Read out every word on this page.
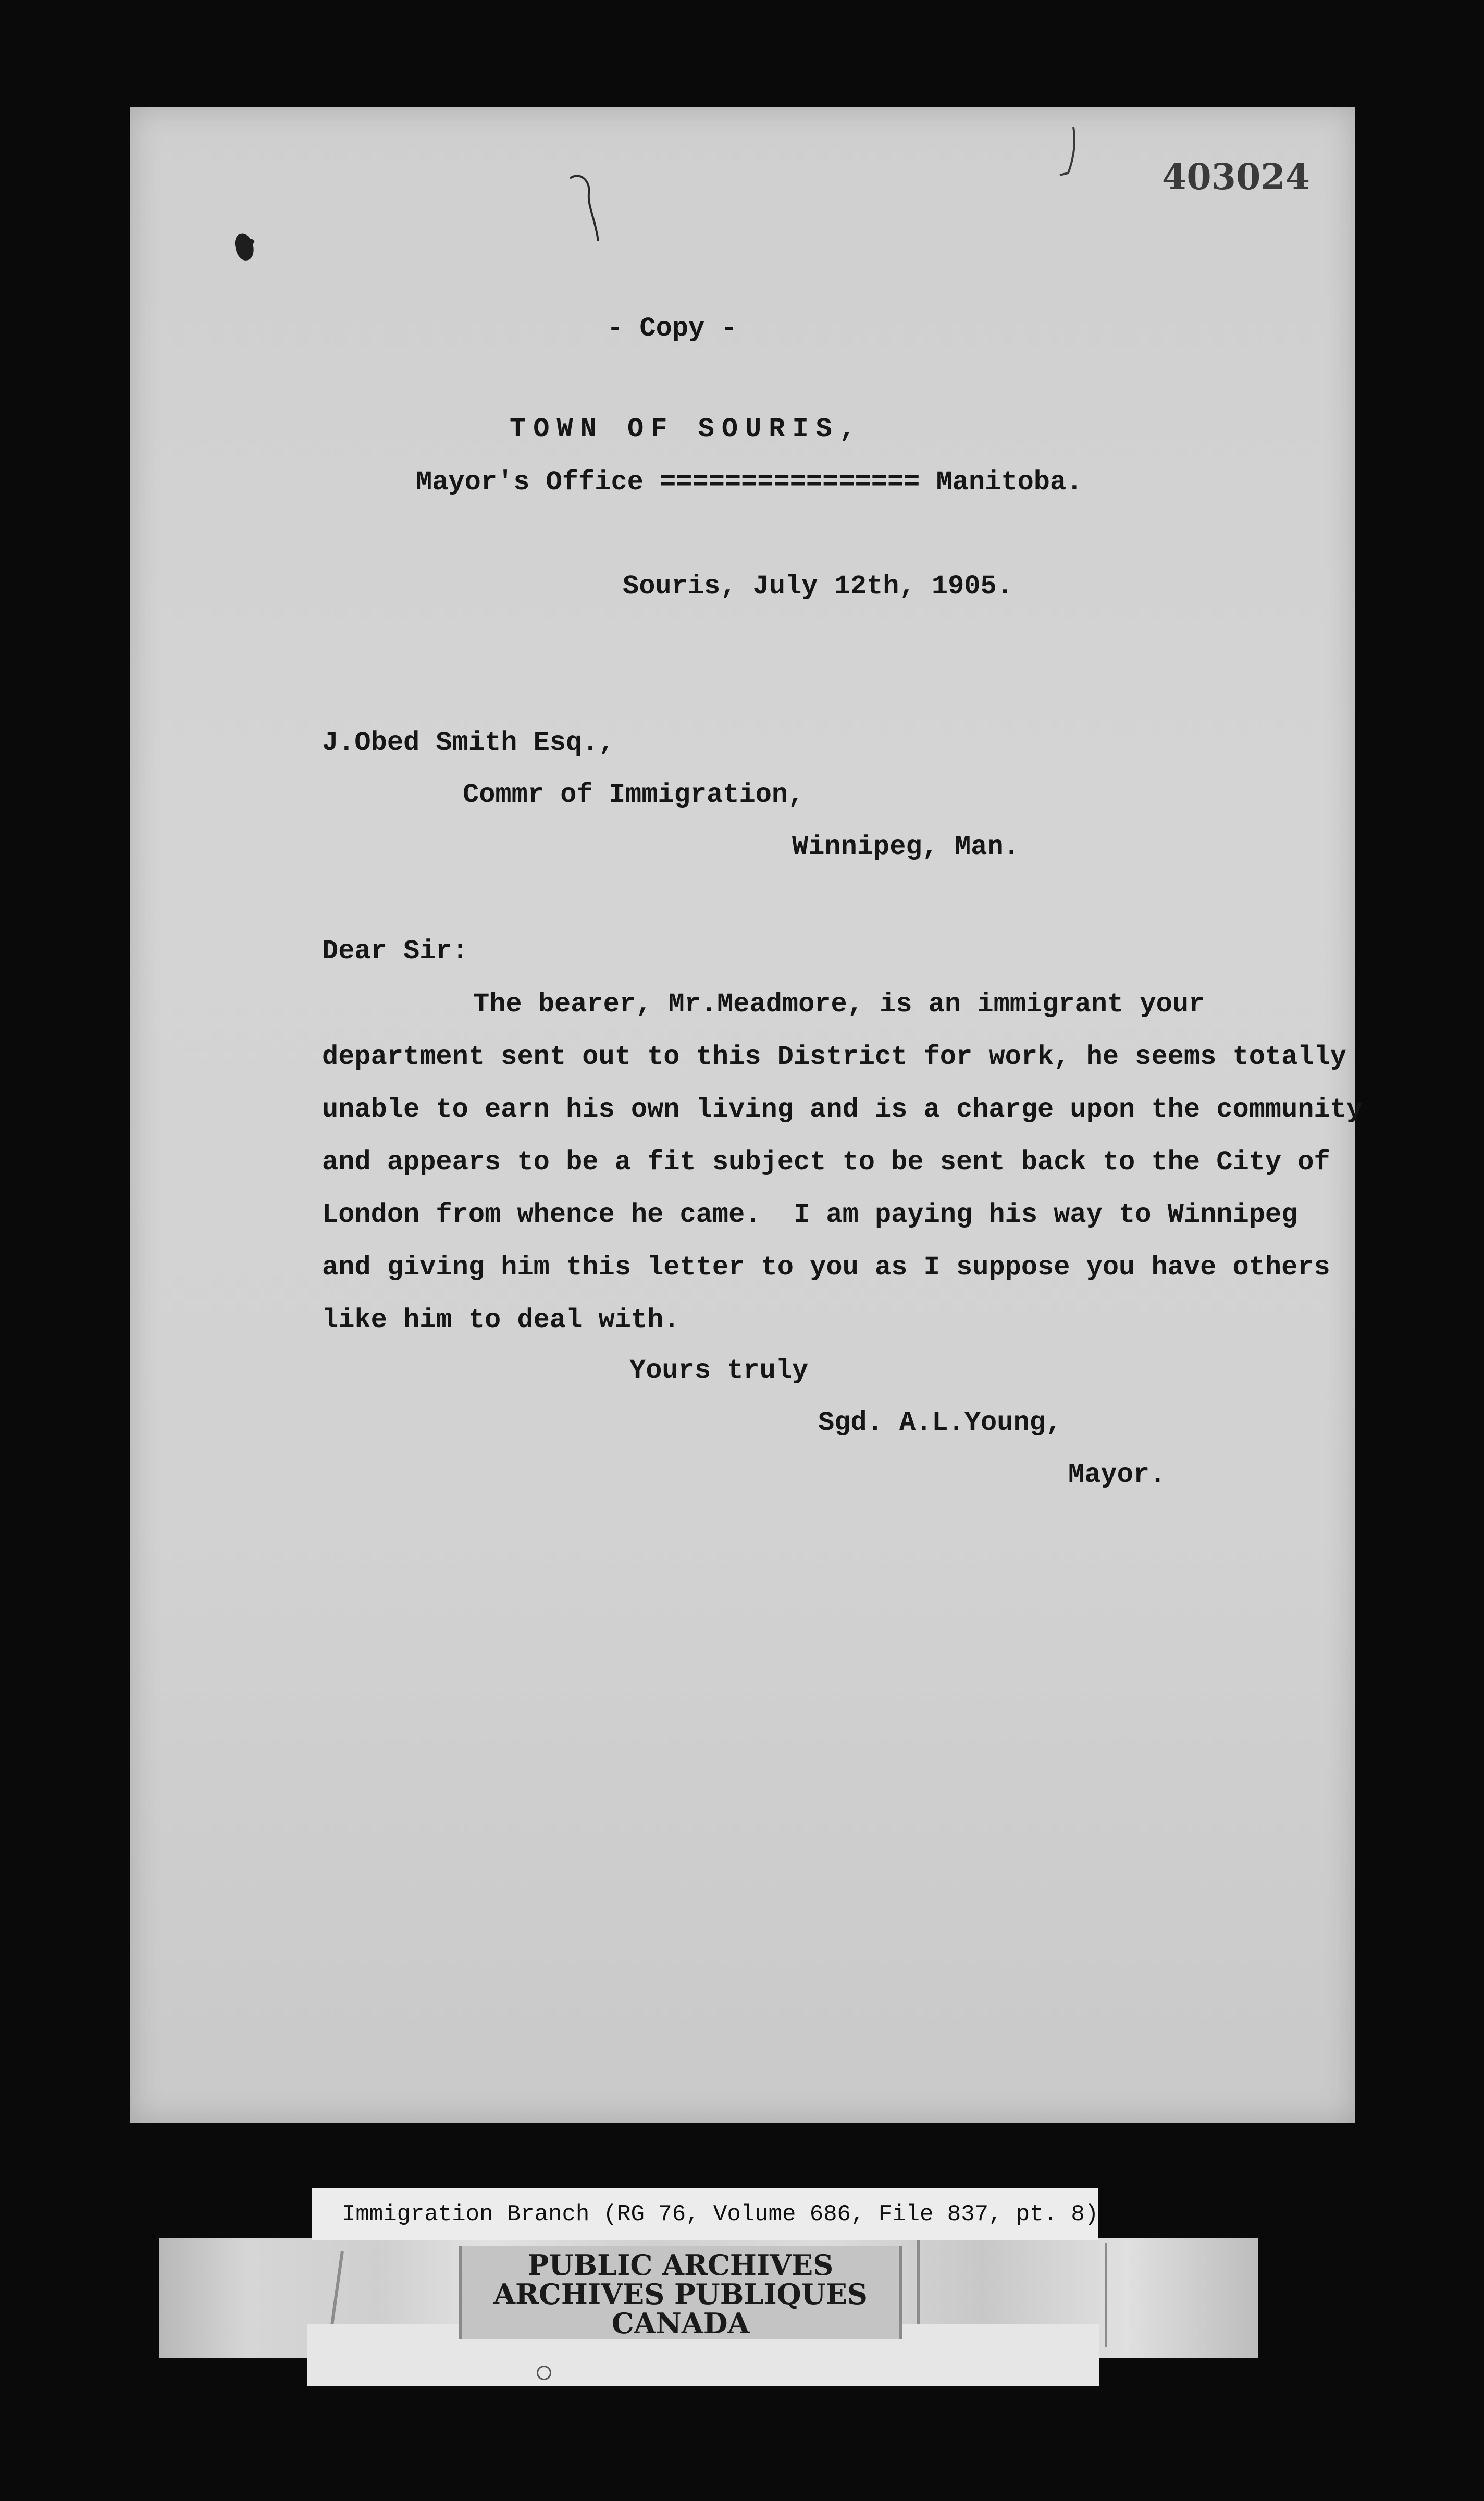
403024
- Copy -
TOWN OF SOURIS,
Mayor's Office ================ Manitoba.
Souris, July 12th, 1905.
J.Obed Smith Esq.,
Commr of Immigration,
Winnipeg, Man.
Dear Sir:
The bearer, Mr.Meadmore, is an immigrant your
department sent out to this District for work, he seems totally
unable to earn his own living and is a charge upon the community
and appears to be a fit subject to be sent back to the City of
London from whence he came.  I am paying his way to Winnipeg
and giving him this letter to you as I suppose you have others
like him to deal with.
Yours truly
Sgd. A.L.Young,
Mayor.
Immigration Branch (RG 76, Volume 686, File 837, pt. 8)
PUBLIC ARCHIVES
ARCHIVES PUBLIQUES
CANADA
